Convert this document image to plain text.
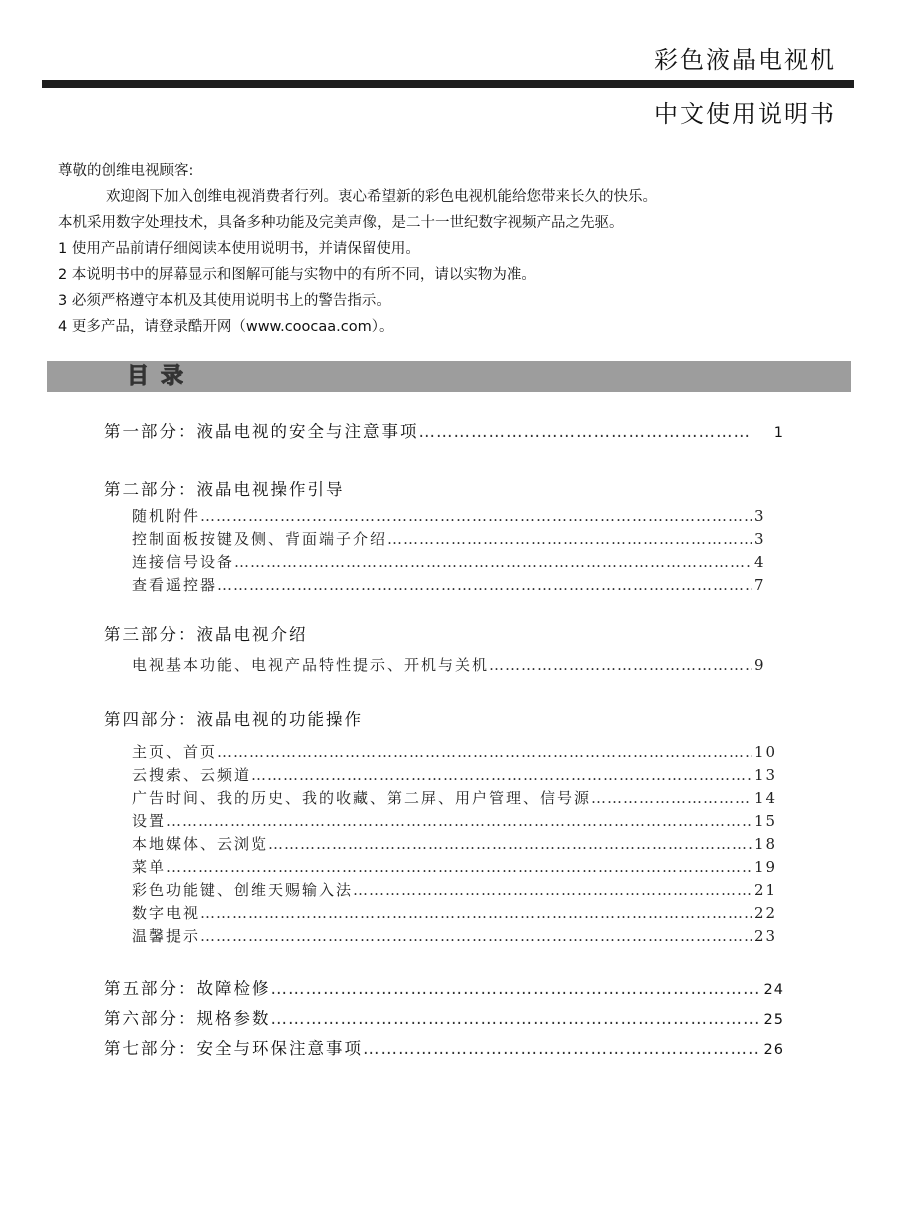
彩色液晶电视机
中文使用说明书

尊敬的创维电视顾客:

欢迎阁下加入创维电视消费者行列。衷心希望新的彩色电视机能给您带来长久的快乐。

本机采用数字处理技术，具备多种功能及完美声像，是二十一世纪数字视频产品之先驱。

1 使用产品前请仔细阅读本使用说明书，并请保留使用。

2 本说明书中的屏幕显示和图解可能与实物中的有所不同，请以实物为准。

3 必须严格遵守本机及其使用说明书上的警告指示。

4 更多产品，请登录酷开网（www.coocaa.com）。

目录
第一部分：液晶电视的安全与注意事项 ……………………………………………………………………………………………………………………………………………………	1
第二部分：液晶电视操作引导
随机附件 ……………………………………………………………………………………………………………………………………………………	3
控制面板按键及侧、背面端子介绍 ……………………………………………………………………………………………………………………………………………………	3
连接信号设备 ……………………………………………………………………………………………………………………………………………………	4
查看遥控器 ……………………………………………………………………………………………………………………………………………………	7
第三部分：液晶电视介绍
电视基本功能、电视产品特性提示、开机与关机 ……………………………………………………………………………………………………………………………………………………	9
第四部分：液晶电视的功能操作
主页、首页 ……………………………………………………………………………………………………………………………………………………	10
云搜索、云频道 ……………………………………………………………………………………………………………………………………………………	13
广告时间、我的历史、我的收藏、第二屏、用户管理、信号源 ……………………………………………………………………………………………………………………………………………………	14
设置 ……………………………………………………………………………………………………………………………………………………	15
本地媒体、云浏览 ……………………………………………………………………………………………………………………………………………………	18
菜单 ……………………………………………………………………………………………………………………………………………………	19
彩色功能键、创维天赐输入法 ……………………………………………………………………………………………………………………………………………………	21
数字电视 ……………………………………………………………………………………………………………………………………………………	22
温馨提示 ……………………………………………………………………………………………………………………………………………………	23
第五部分：故障检修 ……………………………………………………………………………………………………………………………………………………	24
第六部分：规格参数 ……………………………………………………………………………………………………………………………………………………	25
第七部分：安全与环保注意事项 ……………………………………………………………………………………………………………………………………………………	26
